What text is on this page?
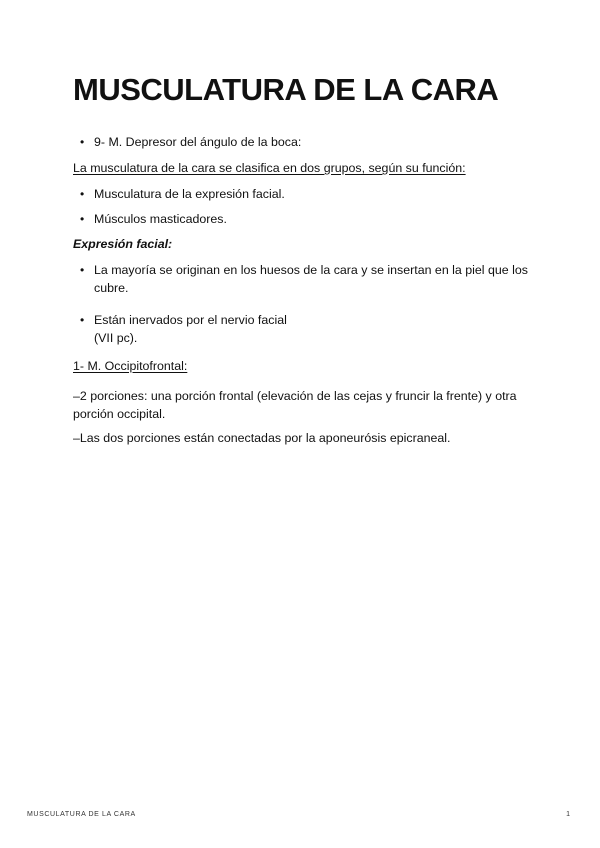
MUSCULATURA DE LA CARA
• 9- M. Depresor del ángulo de la boca:

La musculatura de la cara se clasifica en dos grupos, según su función:

• Musculatura de la expresión facial.
• Músculos masticadores.

Expresión facial:

• La mayoría se originan en los huesos de la cara y se insertan en la piel que los cubre.
• Están inervados por el nervio facial
(VII pc).

1- M. Occipitofrontal:

–2 porciones: una porción frontal (elevación de las cejas y fruncir la frente) y otra porción occipital.

–Las dos porciones están conectadas por la aponeurósis epicraneal.

MUSCULATURA DE LA CARA	1
